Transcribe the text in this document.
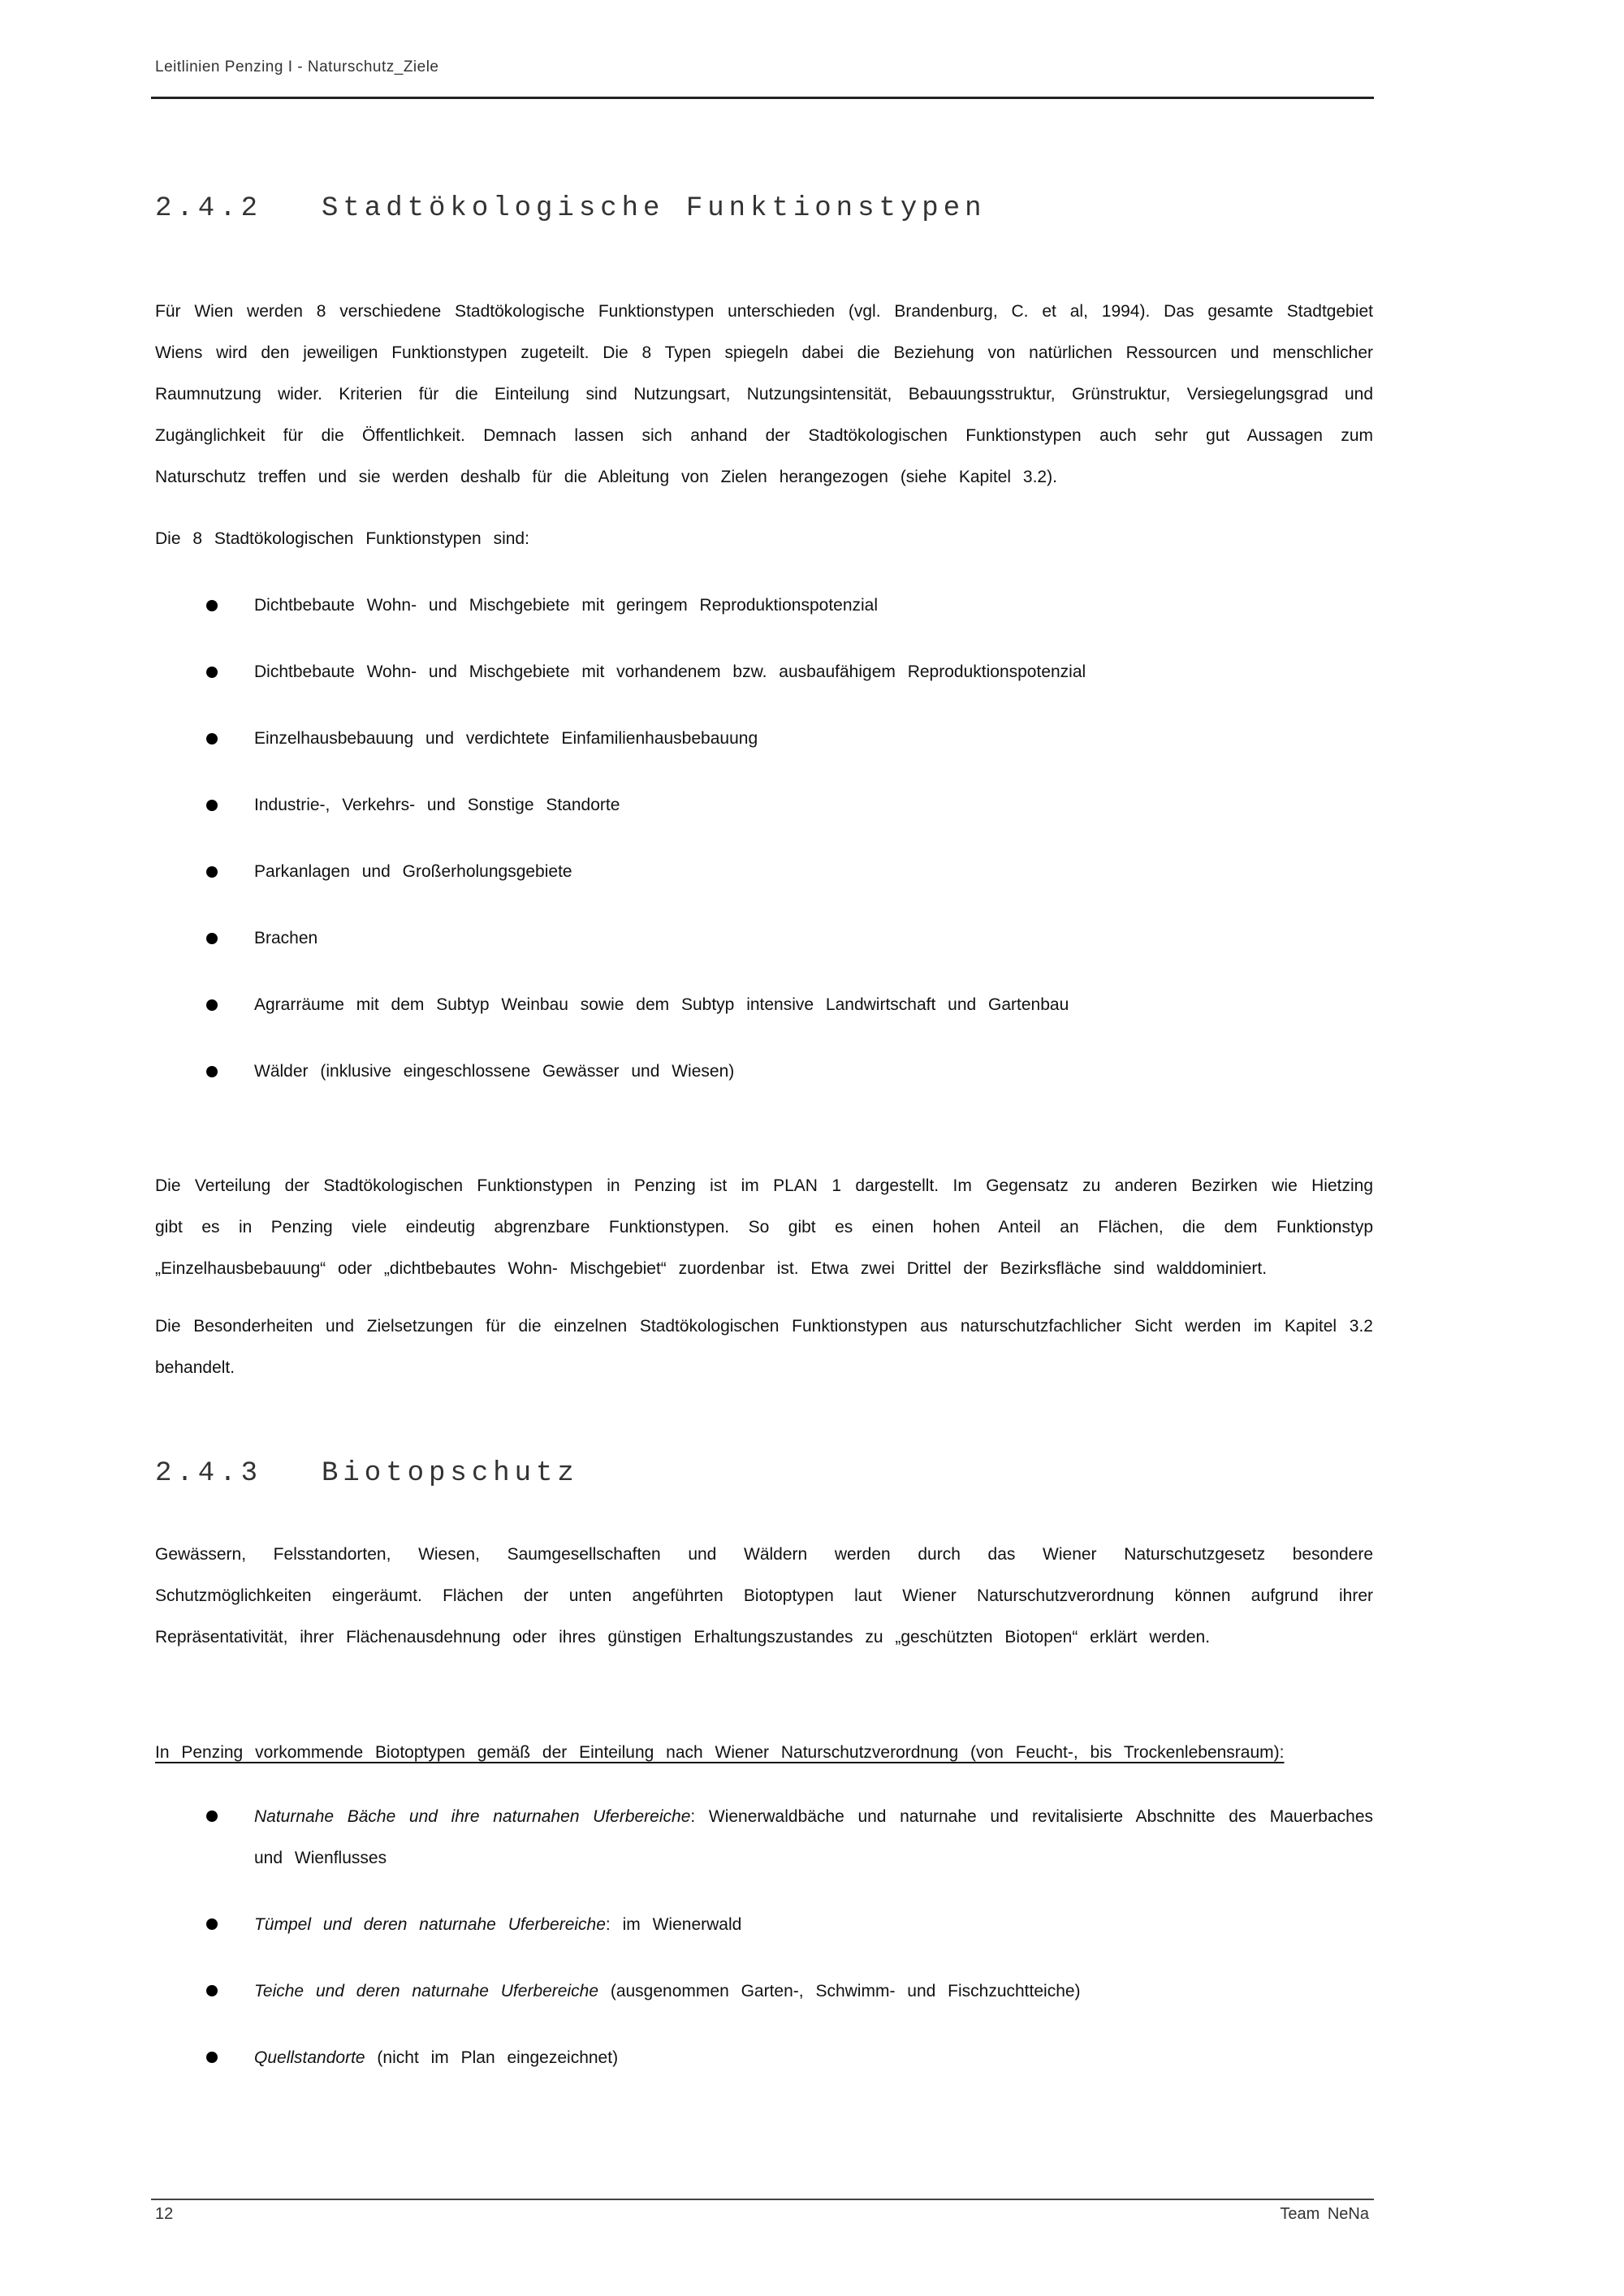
Leitlinien Penzing I - Naturschutz_Ziele
2.4.2 Stadtökologische Funktionstypen

Für Wien werden 8 verschiedene Stadtökologische Funktionstypen unterschieden (vgl. Brandenburg, C. et al, 1994). Das gesamte Stadtgebiet Wiens wird den jeweiligen Funktionstypen zugeteilt. Die 8 Typen spiegeln dabei die Beziehung von natürlichen Ressourcen und menschlicher Raumnutzung wider. Kriterien für die Einteilung sind Nutzungsart, Nutzungsintensität, Bebauungsstruktur, Grünstruktur, Versiegelungsgrad und Zugänglichkeit für die Öffentlichkeit. Demnach lassen sich anhand der Stadtökologischen Funktionstypen auch sehr gut Aussagen zum Naturschutz treffen und sie werden deshalb für die Ableitung von Zielen herangezogen (siehe Kapitel 3.2).

Die 8 Stadtökologischen Funktionstypen sind:
Dichtbebaute Wohn- und Mischgebiete mit geringem Reproduktionspotenzial
Dichtbebaute Wohn- und Mischgebiete mit vorhandenem bzw. ausbaufähigem Reproduktionspotenzial
Einzelhausbebauung und verdichtete Einfamilienhausbebauung
Industrie-, Verkehrs- und Sonstige Standorte
Parkanlagen und Großerholungsgebiete
Brachen
Agrarräume mit dem Subtyp Weinbau sowie dem Subtyp intensive Landwirtschaft und Gartenbau
Wälder (inklusive eingeschlossene Gewässer und Wiesen)

Die Verteilung der Stadtökologischen Funktionstypen in Penzing ist im PLAN 1 dargestellt. Im Gegensatz zu anderen Bezirken wie Hietzing gibt es in Penzing viele eindeutig abgrenzbare Funktionstypen. So gibt es einen hohen Anteil an Flächen, die dem Funktionstyp „Einzelhausbebauung“ oder „dichtbebautes Wohn- Mischgebiet“ zuordenbar ist. Etwa zwei Drittel der Bezirksfläche sind walddominiert.

Die Besonderheiten und Zielsetzungen für die einzelnen Stadtökologischen Funktionstypen aus naturschutzfachlicher Sicht werden im Kapitel 3.2 behandelt.

2.4.3 Biotopschutz

Gewässern, Felsstandorten, Wiesen, Saumgesellschaften und Wäldern werden durch das Wiener Naturschutzgesetz besondere Schutzmöglichkeiten eingeräumt. Flächen der unten angeführten Biotoptypen laut Wiener Naturschutzverordnung können aufgrund ihrer Repräsentativität, ihrer Flächenausdehnung oder ihres günstigen Erhaltungszustandes zu „geschützten Biotopen“ erklärt werden.

In Penzing vorkommende Biotoptypen gemäß der Einteilung nach Wiener Naturschutzverordnung (von Feucht-, bis Trockenlebensraum):
Naturnahe Bäche und ihre naturnahen Uferbereiche: Wienerwaldbäche und naturnahe und revitalisierte Abschnitte des Mauerbaches und Wienflusses
Tümpel und deren naturnahe Uferbereiche: im Wienerwald
Teiche und deren naturnahe Uferbereiche (ausgenommen Garten-, Schwimm- und Fischzuchtteiche)
Quellstandorte (nicht im Plan eingezeichnet)
12	Team NeNa
